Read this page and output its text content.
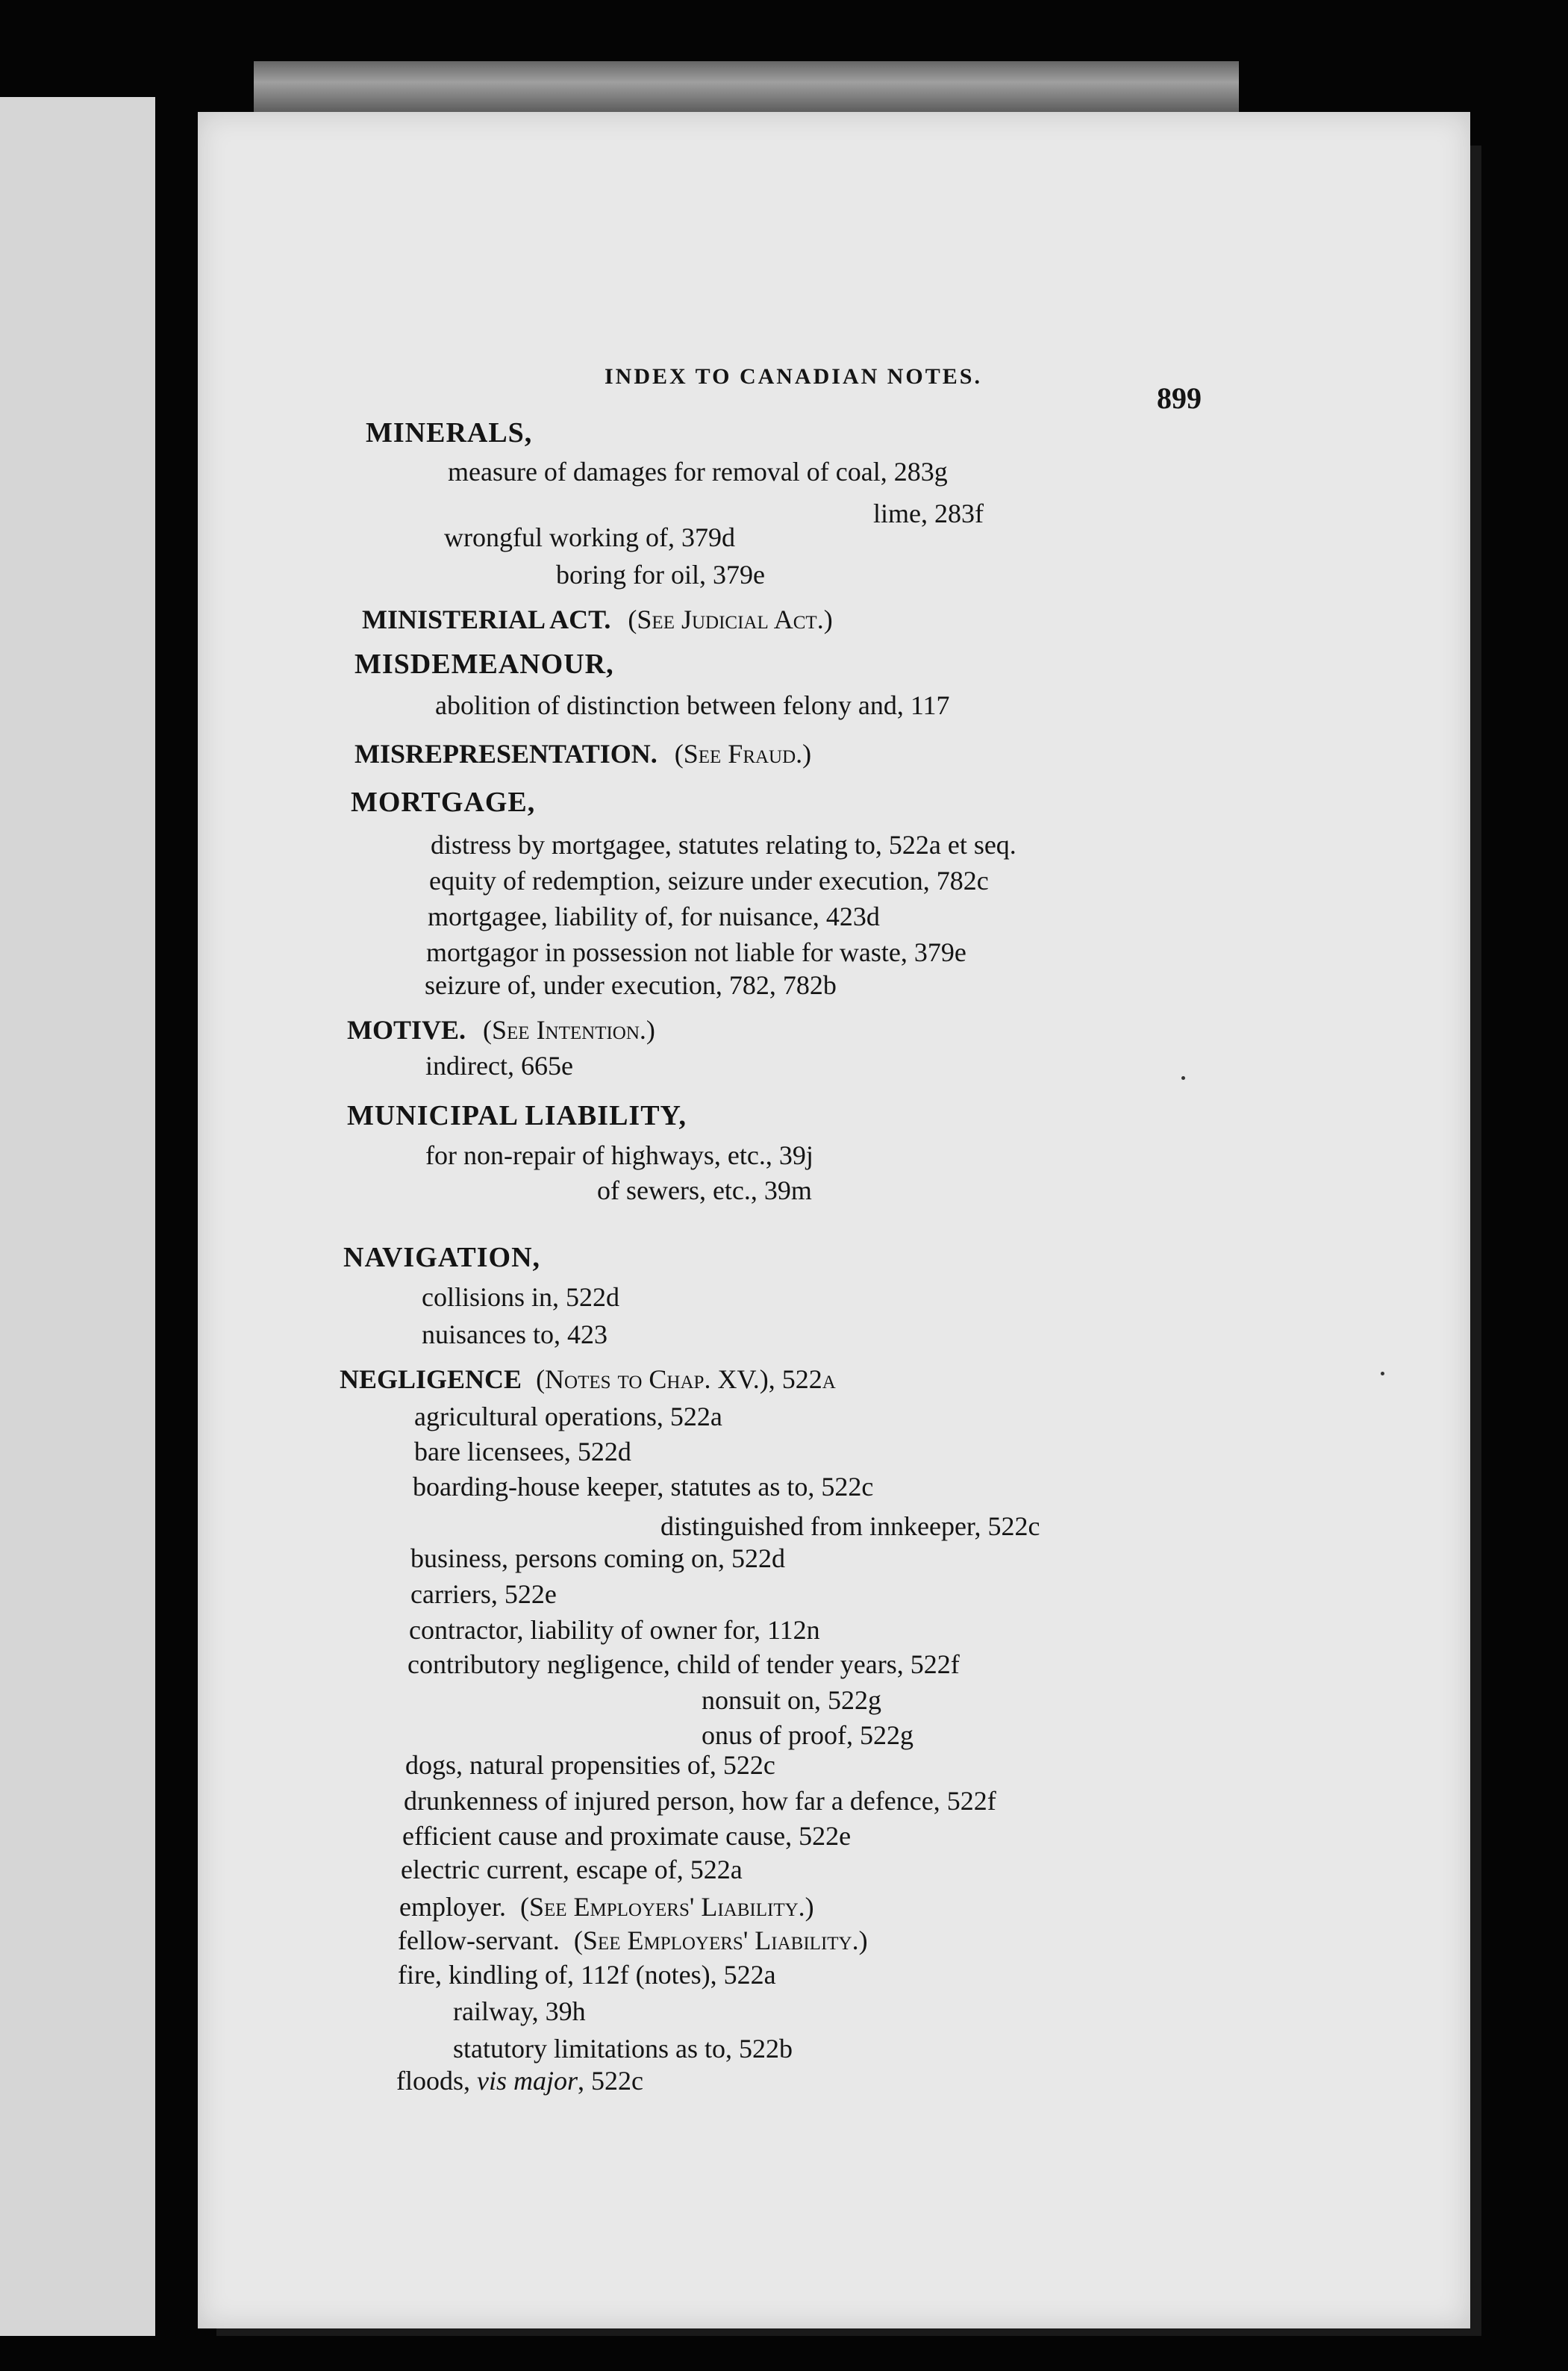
INDEX TO CANADIAN NOTES.
899
MINERALS,
measure of damages for removal of coal, 283g
lime, 283f
wrongful working of, 379d
boring for oil, 379e
MINISTERIAL ACT. (See Judicial Act.)
MISDEMEANOUR,
abolition of distinction between felony and, 117
MISREPRESENTATION. (See Fraud.)
MORTGAGE,
distress by mortgagee, statutes relating to, 522a et seq.
equity of redemption, seizure under execution, 782c
mortgagee, liability of, for nuisance, 423d
mortgagor in possession not liable for waste, 379e
seizure of, under execution, 782, 782b
MOTIVE. (See Intention.)
indirect, 665e
MUNICIPAL LIABILITY,
for non-repair of highways, etc., 39j
of sewers, etc., 39m
NAVIGATION,
collisions in, 522d
nuisances to, 423
NEGLIGENCE (Notes to Chap. XV.), 522a
agricultural operations, 522a
bare licensees, 522d
boarding-house keeper, statutes as to, 522c
distinguished from innkeeper, 522c
business, persons coming on, 522d
carriers, 522e
contractor, liability of owner for, 112n
contributory negligence, child of tender years, 522f
nonsuit on, 522g
onus of proof, 522g
dogs, natural propensities of, 522c
drunkenness of injured person, how far a defence, 522f
efficient cause and proximate cause, 522e
electric current, escape of, 522a
employer. (See Employers' Liability.)
fellow-servant. (See Employers' Liability.)
fire, kindling of, 112f (notes), 522a
railway, 39h
statutory limitations as to, 522b
floods, vis major, 522c
